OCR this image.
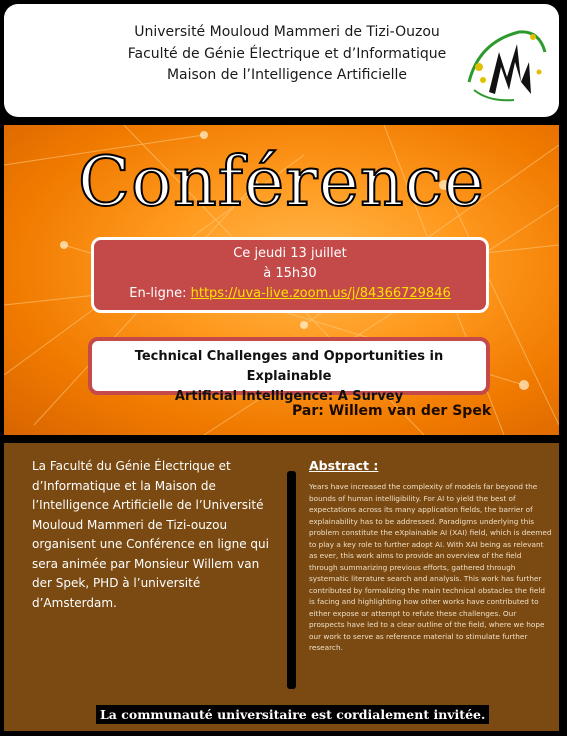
Université Mouloud Mammeri de Tizi-Ouzou
Faculté de Génie Électrique et d’Informatique
Maison de l’Intelligence Artificielle
Conférence
Ce jeudi 13 juillet
à 15h30
En-ligne: https://uva-live.zoom.us/j/84366729846
Technical Challenges and Opportunities in Explainable
Artificial Intelligence: A Survey
Par: Willem van der Spek
La Faculté du Génie Électrique et d’Informatique et la Maison de l’Intelligence Artificielle de l’Université Mouloud Mammeri de Tizi-ouzou organisent une Conférence en ligne qui sera animée par Monsieur Willem van der Spek, PHD à l’université d’Amsterdam.
Abstract :
Years have increased the complexity of models far beyond the bounds of human intelligibility. For AI to yield the best of expectations across its many application fields, the barrier of explainability has to be addressed. Paradigms underlying this problem constitute the eXplainable AI (XAI) field, which is deemed to play a key role to further adopt AI. With XAI being as relevant as ever, this work aims to provide an overview of the field through summarizing previous efforts, gathered through systematic literature search and analysis. This work has further contributed by formalizing the main technical obstacles the field is facing and highlighting how other works have contributed to either expose or attempt to refute these challenges. Our prospects have led to a clear outline of the field, where we hope our work to serve as reference material to stimulate further research.
La communauté universitaire est cordialement invitée.
